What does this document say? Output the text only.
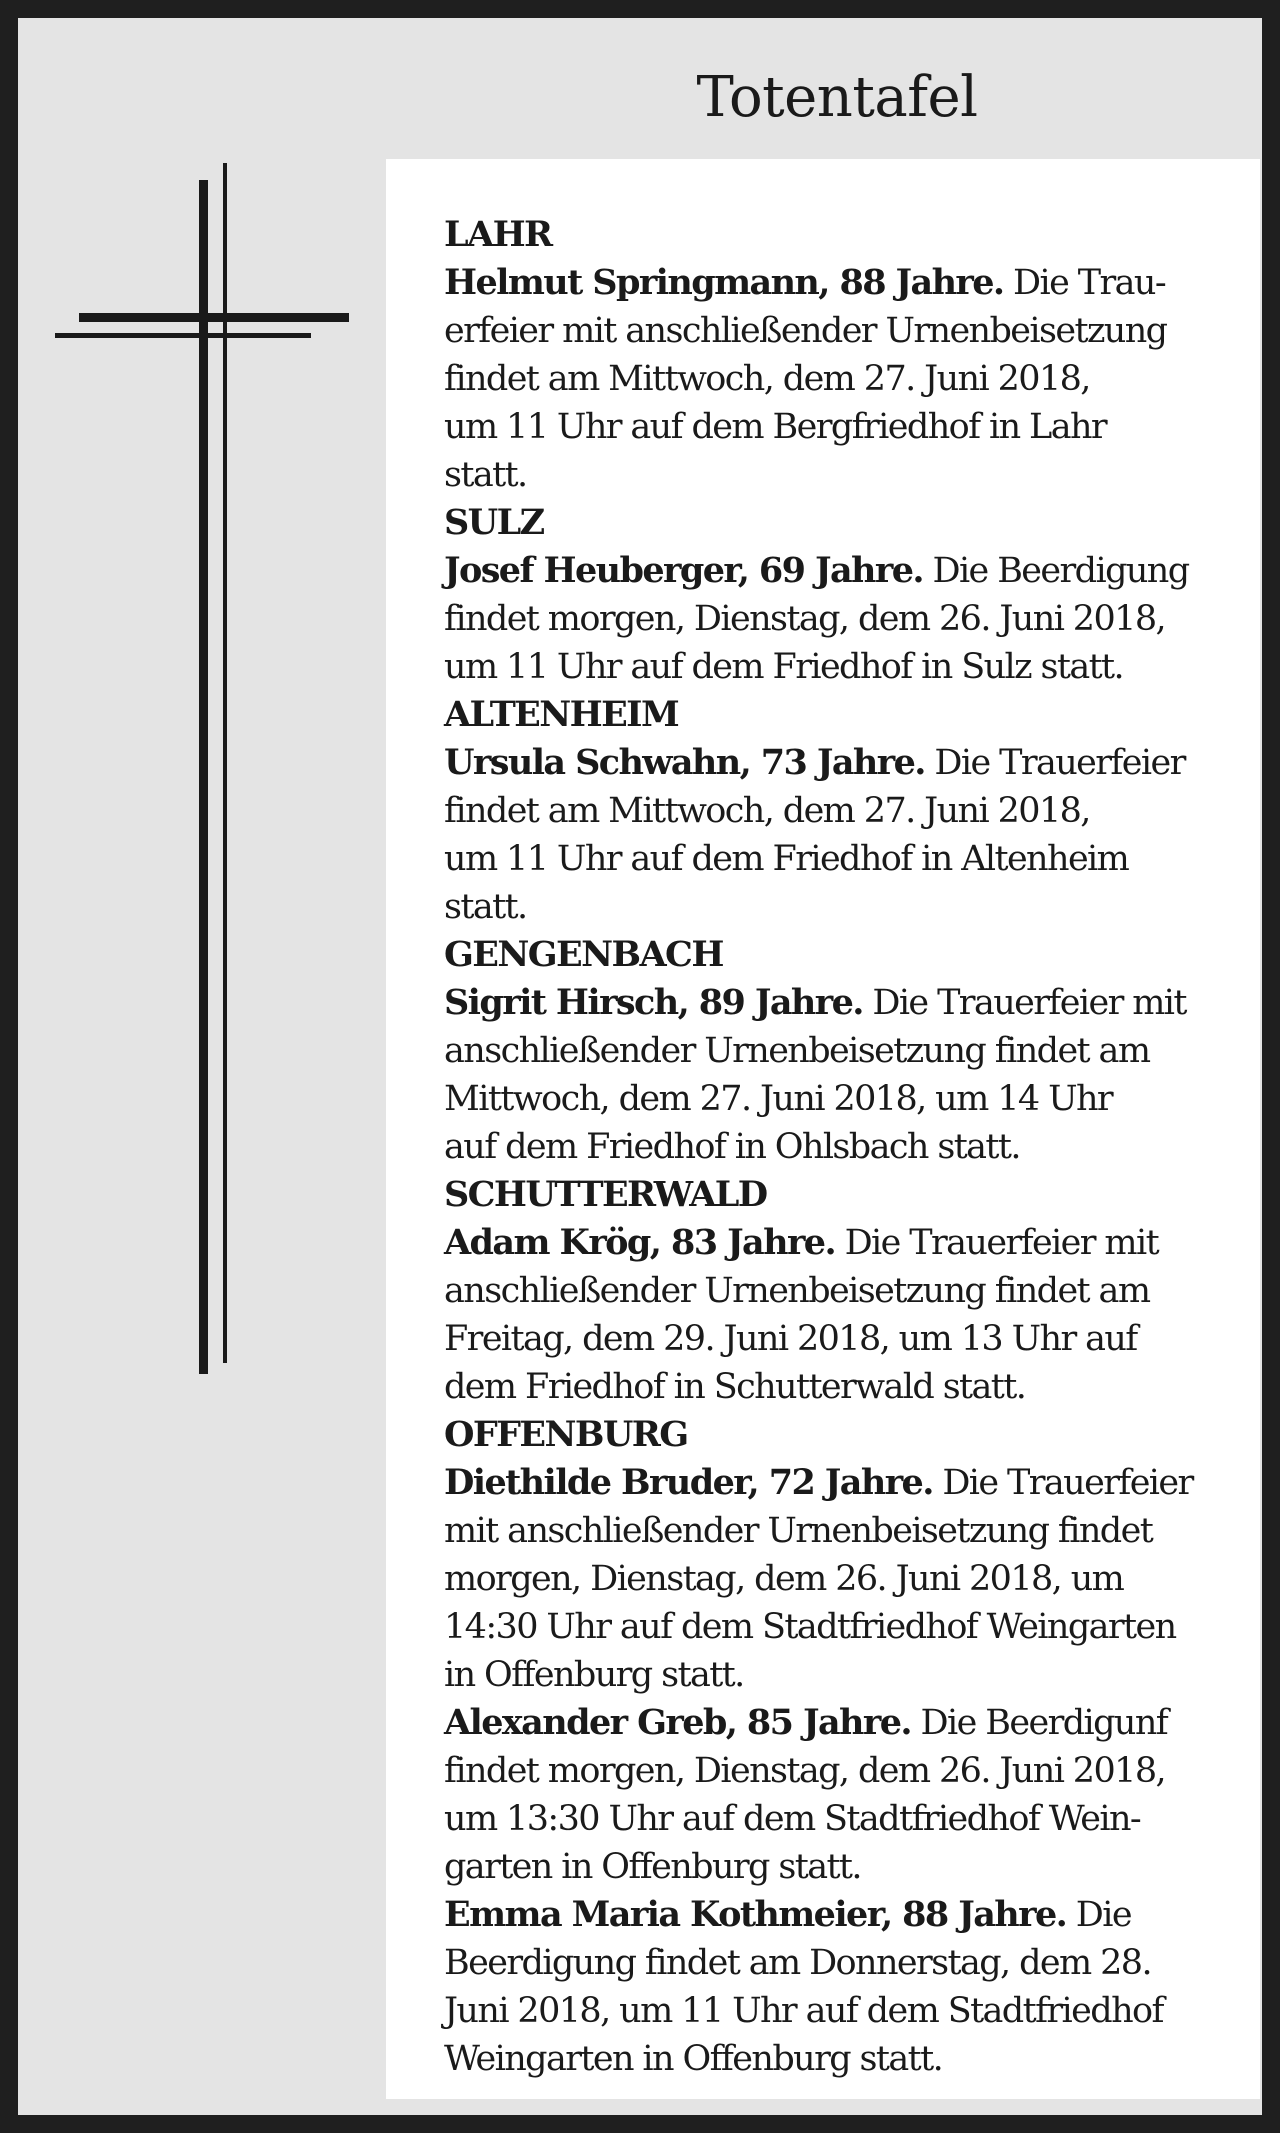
Totentafel
LAHR

Helmut Springmann, 88 Jahre. Die Trau-
erfeier mit anschließender Urnenbeisetzung
findet am Mittwoch, dem 27. Juni 2018,
um 11 Uhr auf dem Bergfriedhof in Lahr
statt.

SULZ

Josef Heuberger, 69 Jahre. Die Beerdigung
findet morgen, Dienstag, dem 26. Juni 2018,
um 11 Uhr auf dem Friedhof in Sulz statt.

ALTENHEIM

Ursula Schwahn, 73 Jahre. Die Trauerfeier
findet am Mittwoch, dem 27. Juni 2018,
um 11 Uhr auf dem Friedhof in Altenheim
statt.

GENGENBACH

Sigrit Hirsch, 89 Jahre. Die Trauerfeier mit
anschließender Urnenbeisetzung findet am
Mittwoch, dem 27. Juni 2018, um 14 Uhr
auf dem Friedhof in Ohlsbach statt.

SCHUTTERWALD

Adam Krög, 83 Jahre. Die Trauerfeier mit
anschließender Urnenbeisetzung findet am
Freitag, dem 29. Juni 2018, um 13 Uhr auf
dem Friedhof in Schutterwald statt.

OFFENBURG

Diethilde Bruder, 72 Jahre. Die Trauerfeier
mit anschließender Urnenbeisetzung findet
morgen, Dienstag, dem 26. Juni 2018, um
14:30 Uhr auf dem Stadtfriedhof Weingarten
in Offenburg statt.

Alexander Greb, 85 Jahre. Die Beerdigunf
findet morgen, Dienstag, dem 26. Juni 2018,
um 13:30 Uhr auf dem Stadtfriedhof Wein-
garten in Offenburg statt.

Emma Maria Kothmeier, 88 Jahre. Die
Beerdigung findet am Donnerstag, dem 28.
Juni 2018, um 11 Uhr auf dem Stadtfriedhof
Weingarten in Offenburg statt.
